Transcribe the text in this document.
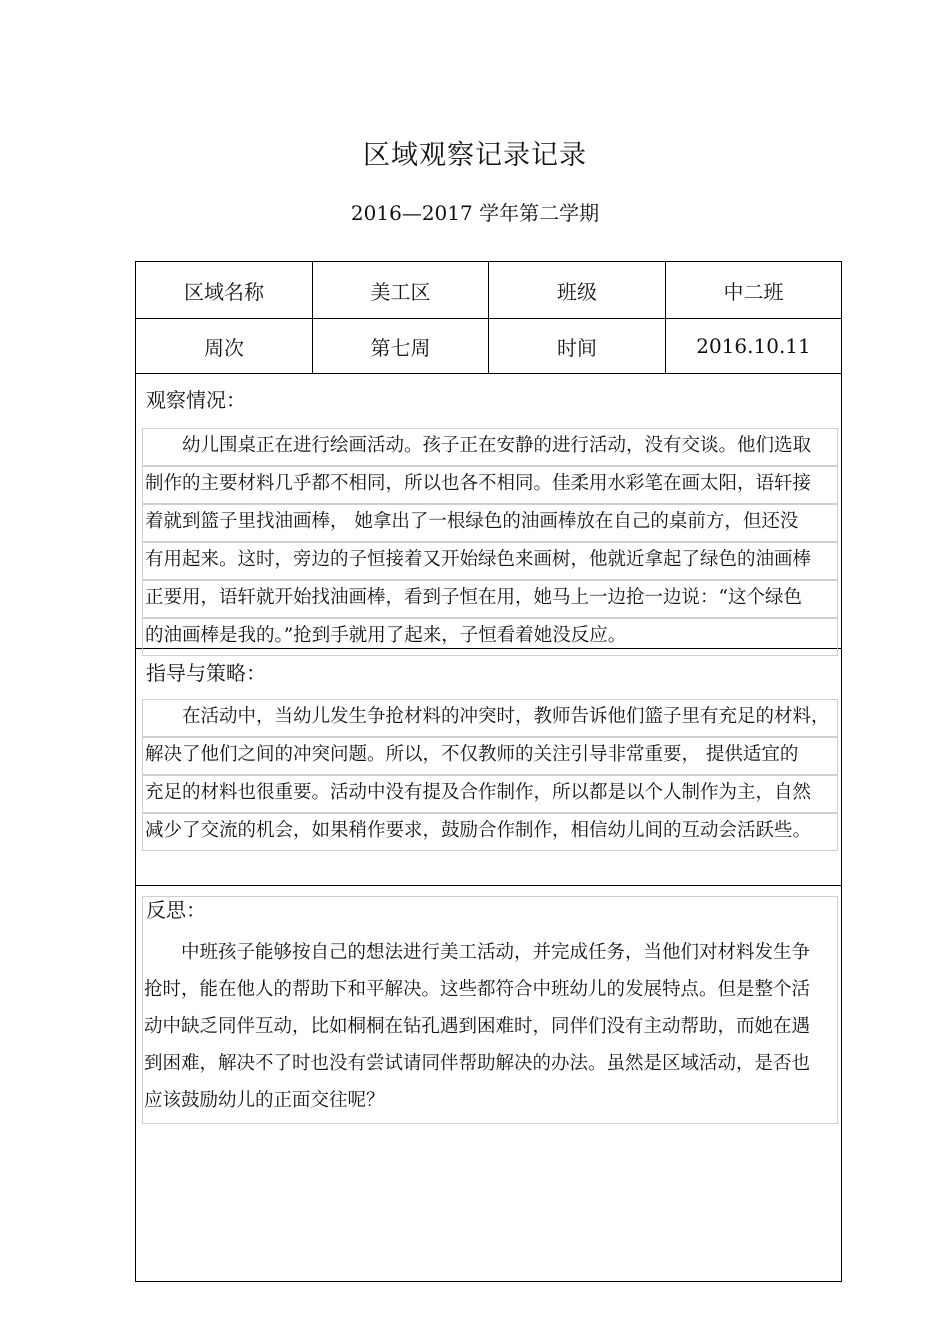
区域观察记录记录
2016—2017 学年第二学期
区域名称	美工区	班级	中二班
周次	第七周	时间	2016.10.11
观察情况：
　　幼儿围桌正在进行绘画活动。孩子正在安静的进行活动，没有交谈。他们选取
制作的主要材料几乎都不相同，所以也各不相同。佳柔用水彩笔在画太阳，语轩接
着就到篮子里找油画棒， 她拿出了一根绿色的油画棒放在自己的桌前方，但还没
有用起来。这时，旁边的子恒接着又开始绿色来画树，他就近拿起了绿色的油画棒
正要用，语轩就开始找油画棒，看到子恒在用，她马上一边抢一边说：“这个绿色
的油画棒是我的。”抢到手就用了起来，子恒看着她没反应。
指导与策略：
　　在活动中，当幼儿发生争抢材料的冲突时，教师告诉他们篮子里有充足的材料，
解决了他们之间的冲突问题。所以，不仅教师的关注引导非常重要， 提供适宜的
充足的材料也很重要。活动中没有提及合作制作，所以都是以个人制作为主，自然
减少了交流的机会，如果稍作要求，鼓励合作制作，相信幼儿间的互动会活跃些。
反思：
　　中班孩子能够按自己的想法进行美工活动，并完成任务，当他们对材料发生争
抢时，能在他人的帮助下和平解决。这些都符合中班幼儿的发展特点。但是整个活
动中缺乏同伴互动，比如桐桐在钻孔遇到困难时，同伴们没有主动帮助，而她在遇
到困难，解决不了时也没有尝试请同伴帮助解决的办法。虽然是区域活动，是否也
应该鼓励幼儿的正面交往呢？
